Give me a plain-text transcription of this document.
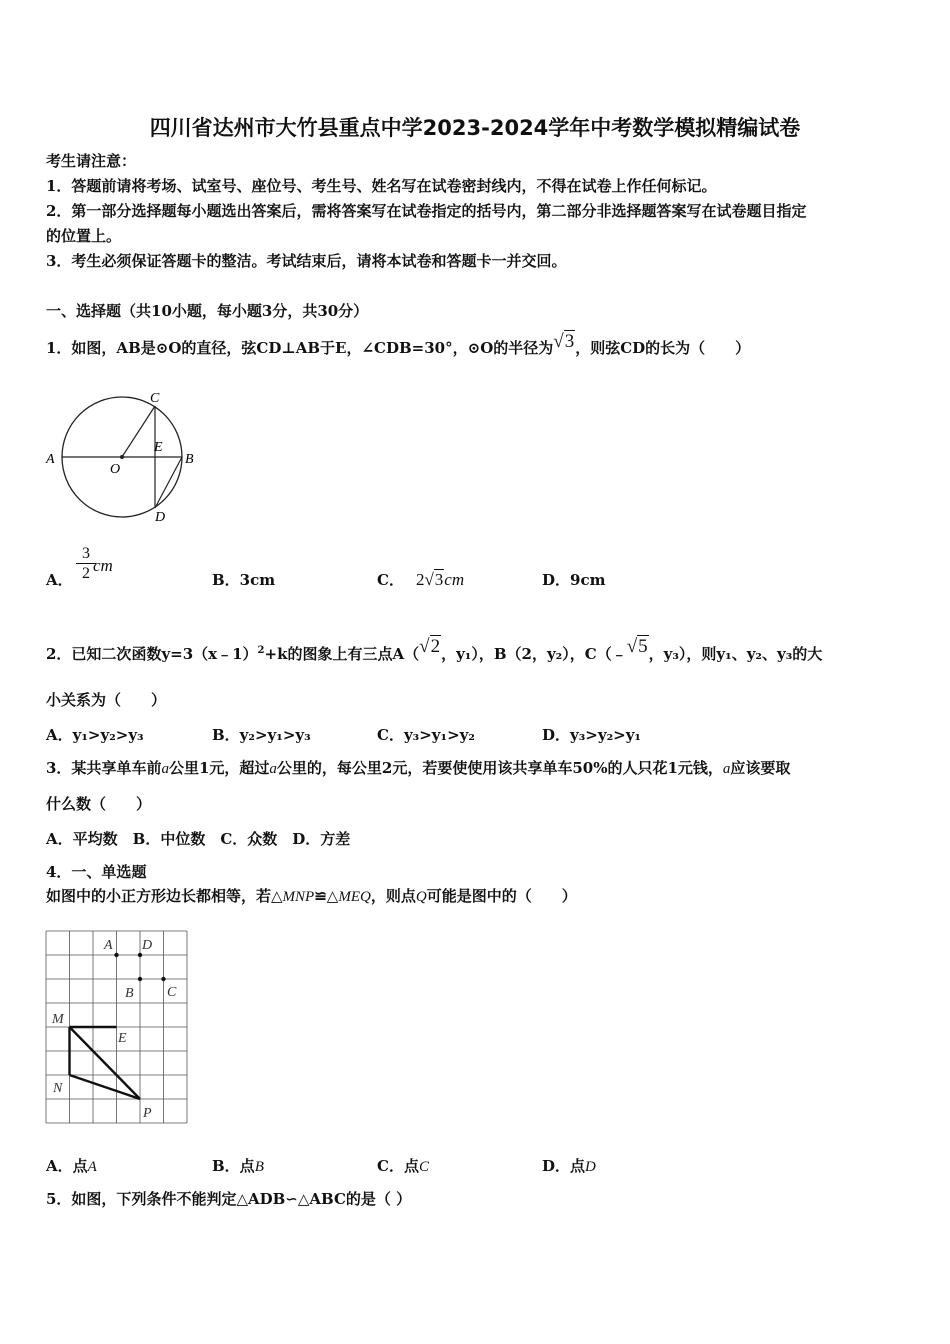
四川省达州市大竹县重点中学2023-2024学年中考数学模拟精编试卷
考生请注意：
1．答题前请将考场、试室号、座位号、考生号、姓名写在试卷密封线内，不得在试卷上作任何标记。
2．第一部分选择题每小题选出答案后，需将答案写在试卷指定的括号内，第二部分非选择题答案写在试卷题目指定
的位置上。
3．考生必须保证答题卡的整洁。考试结束后，请将本试卷和答题卡一并交回。
一、选择题（共10小题，每小题3分，共30分）
1．如图，AB是⊙O的直径，弦CD⊥AB于E，∠CDB=30°，⊙O的半径为√3，则弦CD的长为（　　）
A	B
C
D
E
O
A． $\frac{3}{2}$
cm
B．3cm	C． 2√3cm	D．9cm
2．已知二次函数y=3（x﹣1）$^2$+k的图象上有三点A（√2，y₁），B（2，y₂），C（﹣√5，y₃），则y₁、y₂、y₃的大
小关系为（　　）
A．y₁>y₂>y₃	B．y₂>y₁>y₃	C．y₃>y₁>y₂	D．y₃>y₂>y₁
3．某共享单车前a公里1元，超过a公里的，每公里2元，若要使使用该共享单车50%的人只花1元钱，a应该要取
什么数（　　）
A．平均数　B．中位数　C．众数　D．方差
4．一、单选题
如图中的小正方形边长都相等，若△MNP≌△MEQ，则点Q可能是图中的（　　）
A D
B C
M
E
N
P
A．点A	B．点B	C．点C	D．点D
5．如图，下列条件不能判定△ADB∽△ABC的是（ ）
